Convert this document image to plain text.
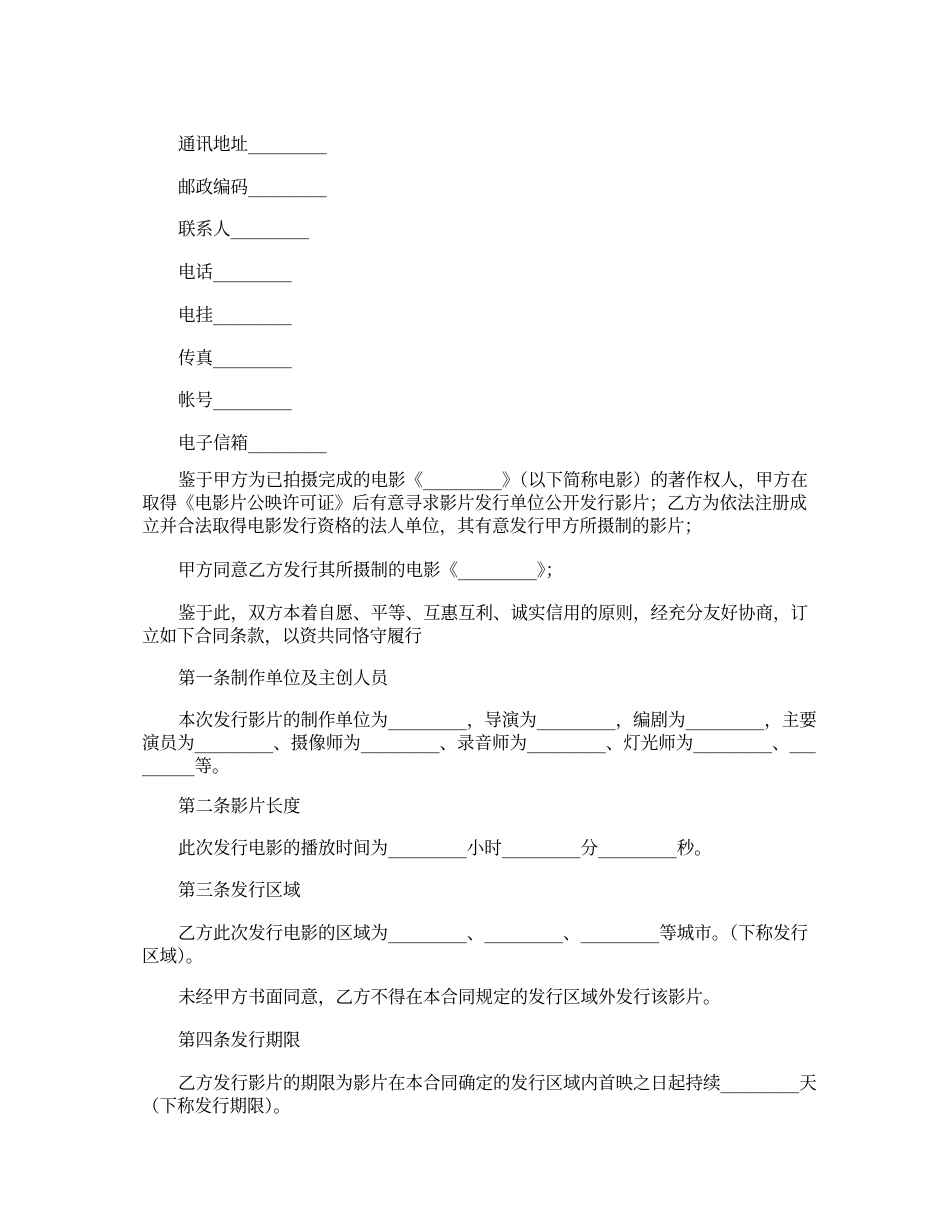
通讯地址_________

邮政编码_________

联系人_________

电话_________

电挂_________

传真_________

帐号_________

电子信箱_________

鉴于甲方为已拍摄完成的电影《_________》（以下简称电影）的著作权人，甲方在取得《电影片公映许可证》后有意寻求影片发行单位公开发行影片；乙方为依法注册成立并合法取得电影发行资格的法人单位，其有意发行甲方所摄制的影片；

甲方同意乙方发行其所摄制的电影《_________》；

鉴于此，双方本着自愿、平等、互惠互利、诚实信用的原则，经充分友好协商，订立如下合同条款，以资共同恪守履行

第一条制作单位及主创人员

本次发行影片的制作单位为_________，导演为_________，编剧为_________，主要演员为_________、摄像师为_________、录音师为_________、灯光师为_________、_________等。

第二条影片长度

此次发行电影的播放时间为_________小时_________分_________秒。

第三条发行区域

乙方此次发行电影的区域为_________、_________、_________等城市。（下称发行区域）。

未经甲方书面同意，乙方不得在本合同规定的发行区域外发行该影片。

第四条发行期限

乙方发行影片的期限为影片在本合同确定的发行区域内首映之日起持续_________天（下称发行期限）。
